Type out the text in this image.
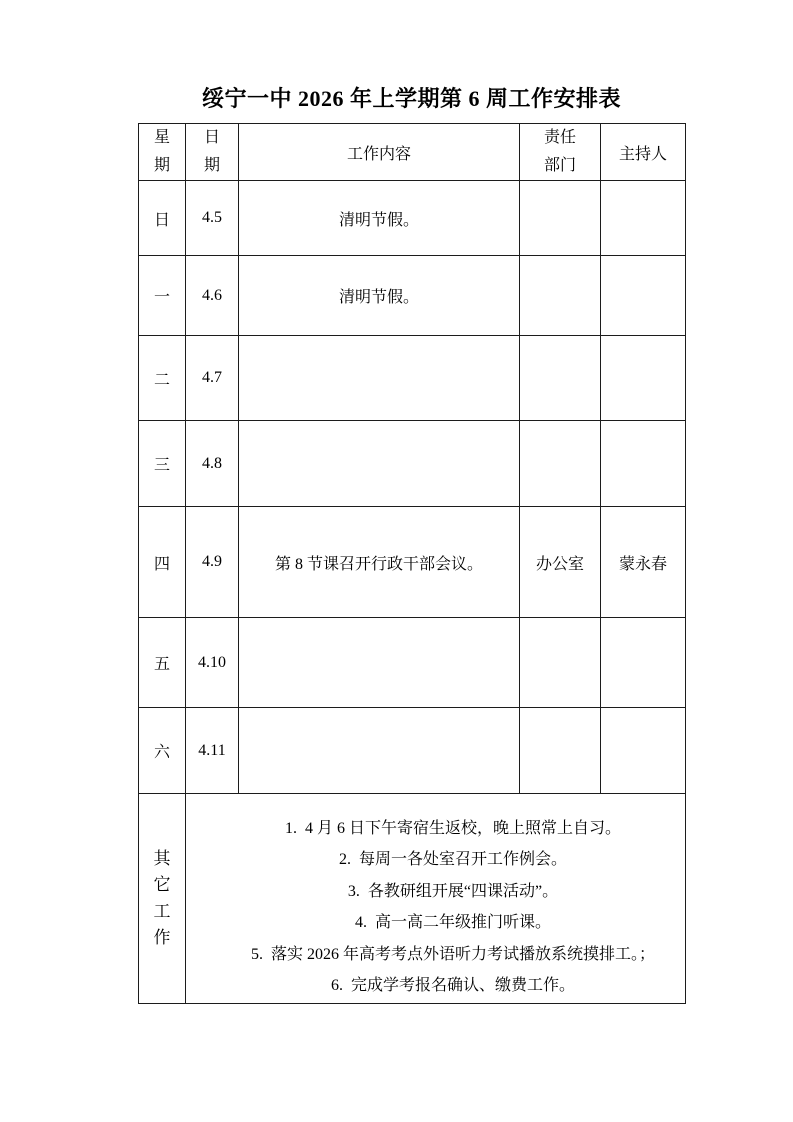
绥宁一中 2026 年上学期第 6 周工作安排表
星期	日期	工作内容	责任部门	主持人
日	4.5	清明节假。		
一	4.6	清明节假。		
二	4.7			
三	4.8			
四	4.9	第 8 节课召开行政干部会议。	办公室	蒙永春
五	4.10			
六	4.11			
其它工作	
1. 4 月 6 日下午寄宿生返校，晚上照常上自习。
2. 每周一各处室召开工作例会。
3. 各教研组开展“四课活动”。
4. 高一高二年级推门听课。
5. 落实 2026 年高考考点外语听力考试播放系统摸排工。；
6. 完成学考报名确认、缴费工作。
